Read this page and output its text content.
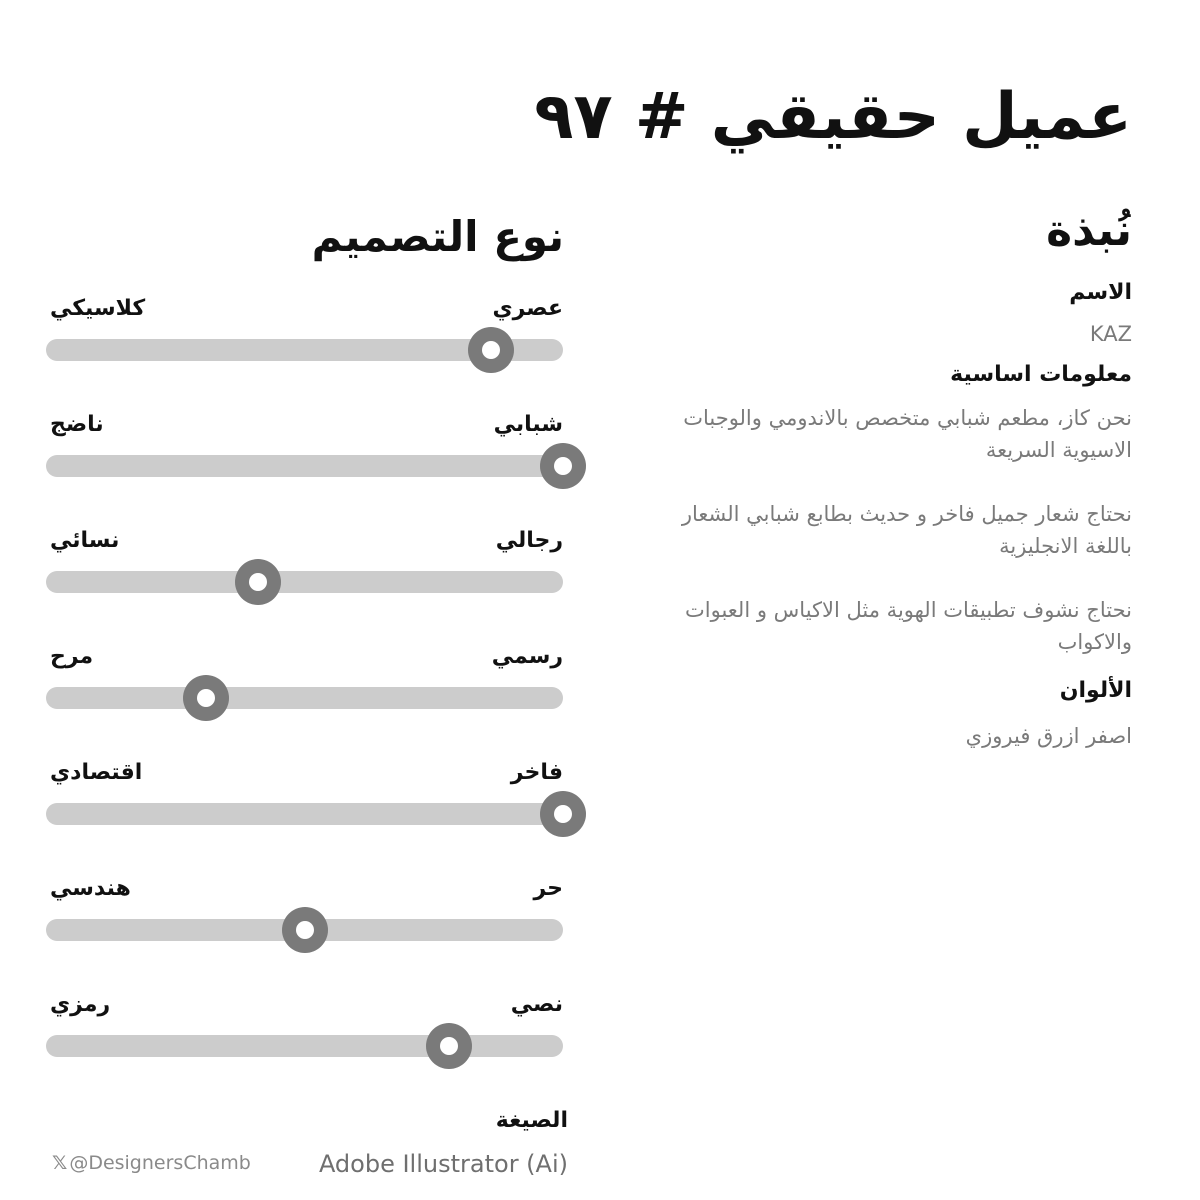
عميل حقيقي # ٩٧
نُبذة
الاسم
KAZ
معلومات اساسية
نحن كاز، مطعم شبابي متخصص بالاندومي والوجبات الاسيوية السريعة
نحتاج شعار جميل فاخر و حديث بطابع شبابي الشعار باللغة الانجليزية
نحتاج نشوف تطبيقات الهوية مثل الاكياس و العبوات والاكواب
الألوان
اصفر ازرق فيروزي
نوع التصميم
عصري
كلاسيكي
شبابي
ناضج
رجالي
نسائي
رسمي
مرح
فاخر
اقتصادي
حر
هندسي
نصي
رمزي
الصيغة
Adobe Illustrator (Ai)
𝕏 @DesignersChamb
